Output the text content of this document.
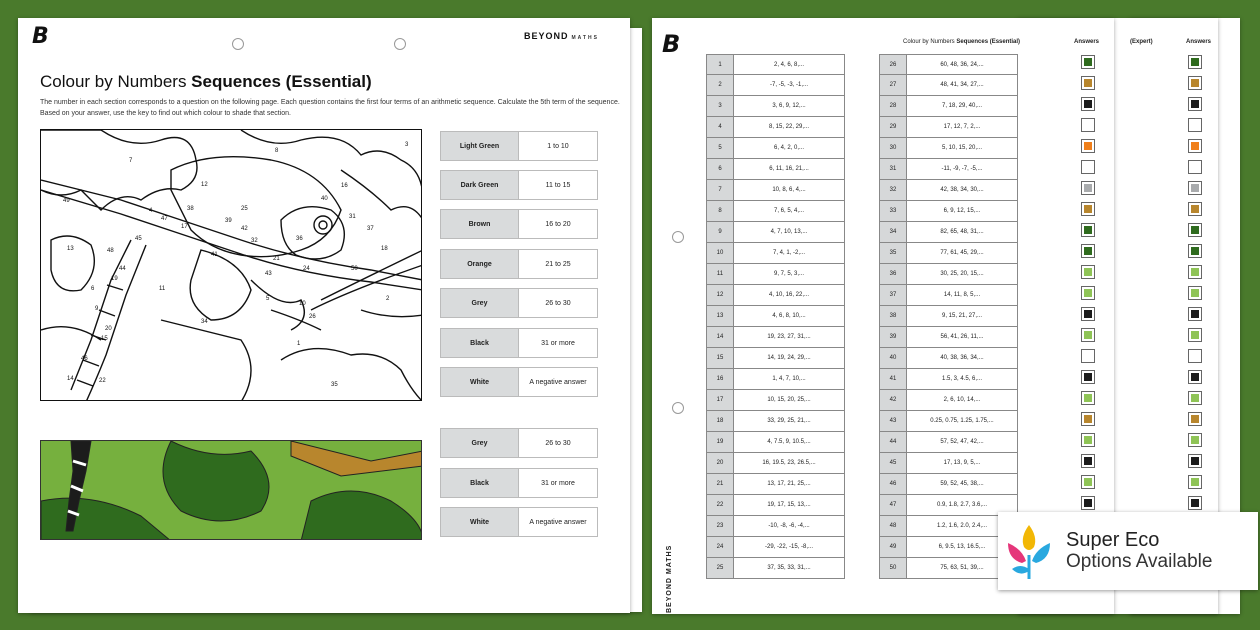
B	BEYOND MATHS
Colour by Numbers Sequences (Essential)
The number in each section corresponds to a question on the following page. Each question contains the first four terms of an arithmetic sequence. Calculate the 5th term of the sequence. Based on your answer, use the key to find out which colour to shade that section.
7
8
3
12	16
49
25
31
37
4
47
17
13	48
32	36
41
19
11
43
2
34
10
5
15
14	22
1
35
6
9
20
46
44
45
38
39
42
21
24
26
18
40
50
Light Green	1 to 10
Dark Green	11 to 15
Brown	16 to 20
Orange	21 to 25
Grey	26 to 30
Black	31 or more
White	A negative answer
Grey	26 to 30
Black	31 or more
White	A negative answer
B
BEYOND MATHS
Colour by Numbers Sequences (Essential)	Answers	(Expert)	Answers
1	2, 4, 6, 8,...
2	-7, -5, -3, -1,...
3	3, 6, 9, 12,...
4	8, 15, 22, 29,...
5	6, 4, 2, 0,...
6	6, 11, 16, 21,...
7	10, 8, 6, 4,...
8	7, 6, 5, 4,...
9	4, 7, 10, 13,...
10	7, 4, 1, -2,...
11	9, 7, 5, 3,...
12	4, 10, 16, 22,...
13	4, 6, 8, 10,...
14	19, 23, 27, 31,...
15	14, 19, 24, 29,...
16	1, 4, 7, 10,...
17	10, 15, 20, 25,...
18	33, 29, 25, 21,...
19	4, 7.5, 9, 10.5,...
20	16, 19.5, 23, 26.5,...
21	13, 17, 21, 25,...
22	19, 17, 15, 13,...
23	-10, -8, -6, -4,...
24	-29, -22, -15, -8,...
25	37, 35, 33, 31,...
26	60, 48, 36, 24,...
27	48, 41, 34, 27,...
28	7, 18, 29, 40,...
29	17, 12, 7, 2,...
30	5, 10, 15, 20,...
31	-11, -9, -7, -5,...
32	42, 38, 34, 30,...
33	6, 9, 12, 15,...
34	82, 65, 48, 31,...
35	77, 61, 45, 29,...
36	30, 25, 20, 15,...
37	14, 11, 8, 5,...
38	9, 15, 21, 27,...
39	56, 41, 26, 11,...
40	40, 38, 36, 34,...
41	1.5, 3, 4.5, 6,...
42	2, 6, 10, 14,...
43	0.25, 0.75, 1.25, 1.75,...
44	57, 52, 47, 42,...
45	17, 13, 9, 5,...
46	59, 52, 45, 38,...
47	0.9, 1.8, 2.7, 3.6,...
48	1.2, 1.6, 2.0, 2.4,...
49	6, 9.5, 13, 16.5,...
50	75, 63, 51, 39,...
Super Eco
Options Available
